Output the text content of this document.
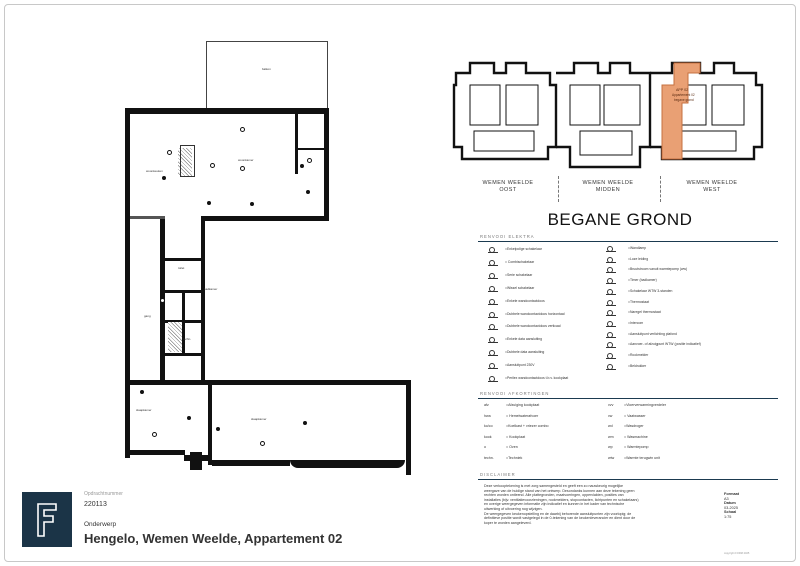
balkon
woonkamer
woonkeuken
toilet
badkamer
gang
slaapkamer
slaapkamer
techn.
APP 02
Appartement 02
begane grond
WEMEN WEELDE
OOST
WEMEN WEELDE
MIDDEN
WEMEN WEELDE
WEST
BEGANE GROND
RENVOOI ELEKTRA
=Enkelpolige schakelaar
= Combischakelaar
=Serie schakelaar
=Wissel schakelaar
=Enkele wandcontactdoos
=Dubbele wandcontactdoos horizontaal
=Dubbele wandcontactdoos verticaal
=Enkele data aansluiting
=Dubbele data aansluiting
=Aansluitpunt 230V
=Perilex wandcontactdoos t.b.v. kookplaat
=Wandlamp
=Loze leiding
=Bruutstroom vanuit warmtepomp (ww)
=Timer (badkamer)
=Schakelaar WTW 3-standen
=Thermostaat
=Naregel thermostaat
=Intercom
=Aansluitpunt verlichting plafond
=Aanvoer- of afzuigpunt WTW (positie indicatief)
=Rookmelder
=Beldrukker
RENVOOI AFKORTINGEN
afz	=Afzuiging kookplaat
hwa	= Hemelwaterafvoer
ko/co	=Koelkast + vriezer combo
kook	= Kookplaat
o	= Oven
techn.	=Techniek
vvv	=Vloerverwarmingverdeler
vw	= Vaatwasser
wd	=Wasdroger
wm	= Wasmachine
wp	= Warmtepomp
wtw	=Warmte terugwin unit
DISCLAIMER
Deze verkooptekening is met zorg samengesteld en geeft een zo nauwkeurig mogelijke
weergave van de huidige stand van het ontwerp. Desondanks kunnen aan deze tekening geen
rechten worden ontleend. Alle plattegronden, maatvoeringen, oppervlakten, posities van
installaties (bijv. ventilatievoorzieningen, rookmelders, stopcontacten, lichtpunten en schakelaars)
en overige weergegeven informatie zijn indicatief en kunnen in het kader van technische
uitwerking of uitvoering nog wijzigen.
De weergegeven keukenopstelling en de daarbij behorende aansluitpunten zijn voorlopig; de
definitieve positie wordt vastgelegd in de 0-tekening van de keukenleverancier en dient door de
koper te worden aangeleverd.
Formaat
A3
Datum
03-2025
Schaal
1:75
copyright FORM 2025
Opdrachtnummer
220113
Onderwerp
Hengelo, Wemen Weelde, Appartement 02
